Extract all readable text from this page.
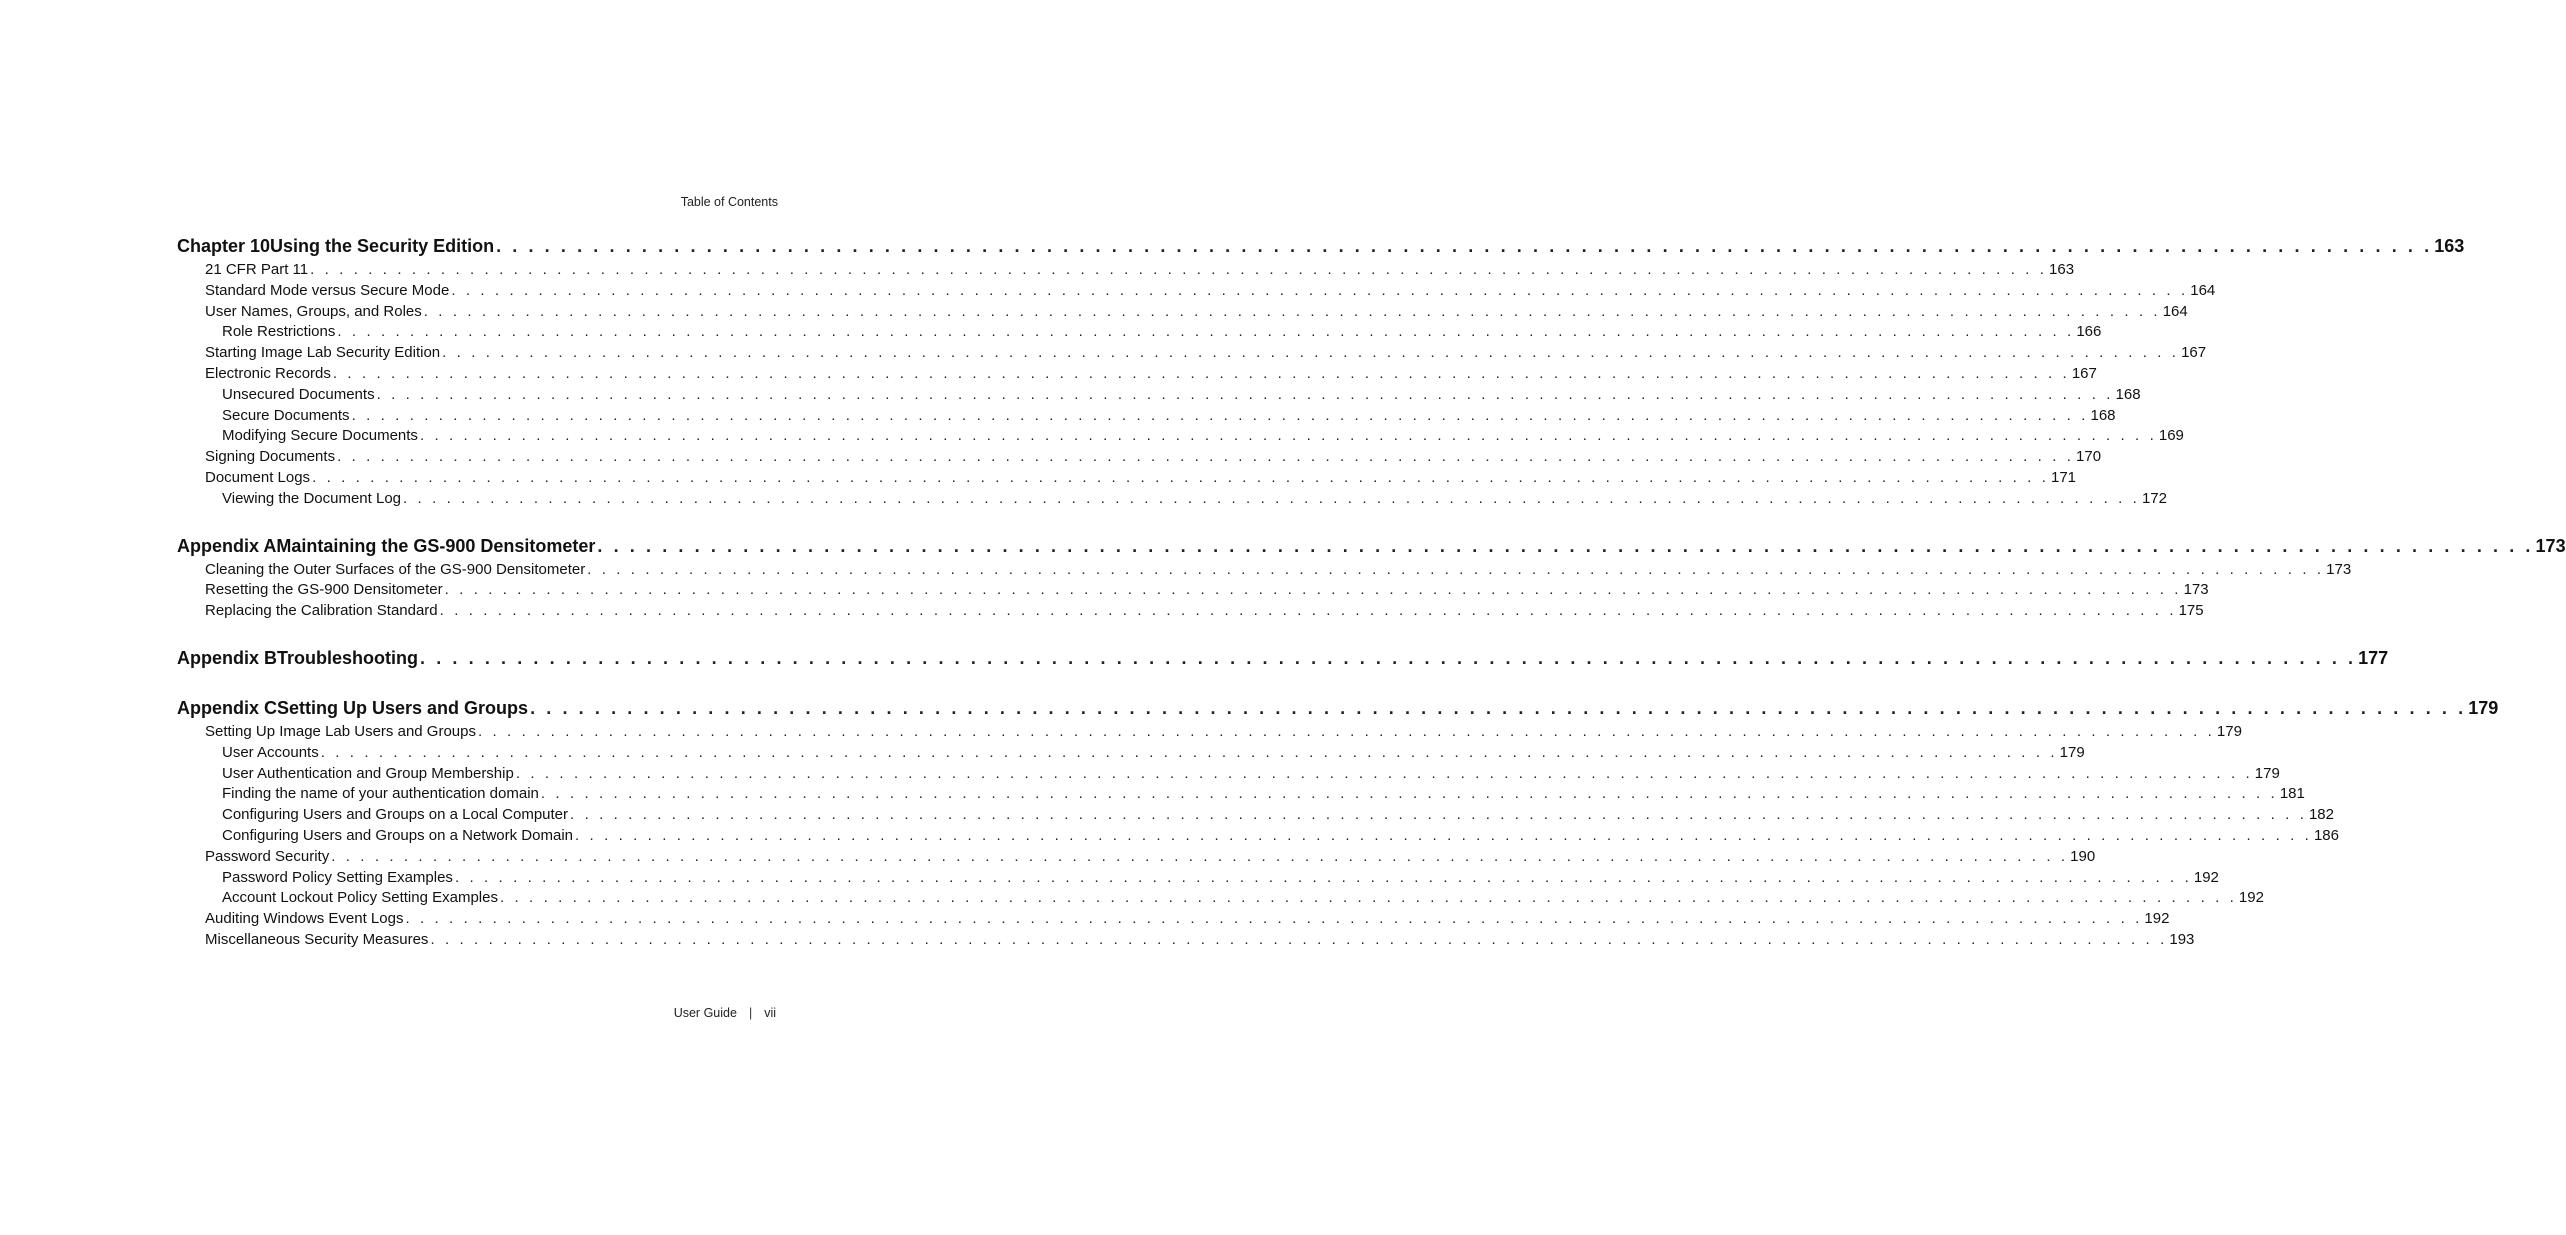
Table of Contents
Chapter 10 Using the Security Edition . . . . . . . . . . . . . . . . . . . . . . . . . . . . . . . . . . . . . . . . . . . . . . . . . . . . . . . . . . . . . . . . . . . . . . . . . . . . . . . . . . . . . . . . . . . . . . . . . . . . . . . . . . . . . . . . . . . . . . . . 163
21 CFR Part 11 . . . . . . . . . . . . . . . . . . . . . . . . . . . . . . . . . . . . . . . . . . . . . . . . . . . . . . . . . . . . . . . . . . . . . . . . . . . . . . . . . . . . . . . . . . . . . . . . . . . . . . . . . . . . . . . . . . . . . . . . 163
Standard Mode versus Secure Mode . . . . . . . . . . . . . . . . . . . . . . . . . . . . . . . . . . . . . . . . . . . . . . . . . . . . . . . . . . . . . . . . . . . . . . . . . . . . . . . . . . . . . . . . . . . . . . . . . . . . . . . . . . . . . . . . . . . . . . . . 164
User Names, Groups, and Roles . . . . . . . . . . . . . . . . . . . . . . . . . . . . . . . . . . . . . . . . . . . . . . . . . . . . . . . . . . . . . . . . . . . . . . . . . . . . . . . . . . . . . . . . . . . . . . . . . . . . . . . . . . . . . . . . . . . . . . . . 164
Role Restrictions . . . . . . . . . . . . . . . . . . . . . . . . . . . . . . . . . . . . . . . . . . . . . . . . . . . . . . . . . . . . . . . . . . . . . . . . . . . . . . . . . . . . . . . . . . . . . . . . . . . . . . . . . . . . . . . . . . . . . . . . 166
Starting Image Lab Security Edition . . . . . . . . . . . . . . . . . . . . . . . . . . . . . . . . . . . . . . . . . . . . . . . . . . . . . . . . . . . . . . . . . . . . . . . . . . . . . . . . . . . . . . . . . . . . . . . . . . . . . . . . . . . . . . . . . . . . . . . . 167
Electronic Records . . . . . . . . . . . . . . . . . . . . . . . . . . . . . . . . . . . . . . . . . . . . . . . . . . . . . . . . . . . . . . . . . . . . . . . . . . . . . . . . . . . . . . . . . . . . . . . . . . . . . . . . . . . . . . . . . . . . . . . . 167
Unsecured Documents . . . . . . . . . . . . . . . . . . . . . . . . . . . . . . . . . . . . . . . . . . . . . . . . . . . . . . . . . . . . . . . . . . . . . . . . . . . . . . . . . . . . . . . . . . . . . . . . . . . . . . . . . . . . . . . . . . . . . . . . 168
Secure Documents . . . . . . . . . . . . . . . . . . . . . . . . . . . . . . . . . . . . . . . . . . . . . . . . . . . . . . . . . . . . . . . . . . . . . . . . . . . . . . . . . . . . . . . . . . . . . . . . . . . . . . . . . . . . . . . . . . . . . . . . 168
Modifying Secure Documents . . . . . . . . . . . . . . . . . . . . . . . . . . . . . . . . . . . . . . . . . . . . . . . . . . . . . . . . . . . . . . . . . . . . . . . . . . . . . . . . . . . . . . . . . . . . . . . . . . . . . . . . . . . . . . . . . . . . . . . . 169
Signing Documents . . . . . . . . . . . . . . . . . . . . . . . . . . . . . . . . . . . . . . . . . . . . . . . . . . . . . . . . . . . . . . . . . . . . . . . . . . . . . . . . . . . . . . . . . . . . . . . . . . . . . . . . . . . . . . . . . . . . . . . . 170
Document Logs . . . . . . . . . . . . . . . . . . . . . . . . . . . . . . . . . . . . . . . . . . . . . . . . . . . . . . . . . . . . . . . . . . . . . . . . . . . . . . . . . . . . . . . . . . . . . . . . . . . . . . . . . . . . . . . . . . . . . . . . 171
Viewing the Document Log . . . . . . . . . . . . . . . . . . . . . . . . . . . . . . . . . . . . . . . . . . . . . . . . . . . . . . . . . . . . . . . . . . . . . . . . . . . . . . . . . . . . . . . . . . . . . . . . . . . . . . . . . . . . . . . . . . . . . . . . 172
Appendix A Maintaining the GS-900 Densitometer . . . . . . . . . . . . . . . . . . . . . . . . . . . . . . . . . . . . . . . . . . . . . . . . . . . . . . . . . . . . . . . . . . . . . . . . . . . . . . . . . . . . . . . . . . . . . . . . . . . . . . . . . . . . . . . . . . . . . . . . 173
Cleaning the Outer Surfaces of the GS-900 Densitometer . . . . . . . . . . . . . . . . . . . . . . . . . . . . . . . . . . . . . . . . . . . . . . . . . . . . . . . . . . . . . . . . . . . . . . . . . . . . . . . . . . . . . . . . . . . . . . . . . . . . . . . . . . . . . . . . . . . . . . . . 173
Resetting the GS-900 Densitometer . . . . . . . . . . . . . . . . . . . . . . . . . . . . . . . . . . . . . . . . . . . . . . . . . . . . . . . . . . . . . . . . . . . . . . . . . . . . . . . . . . . . . . . . . . . . . . . . . . . . . . . . . . . . . . . . . . . . . . . . 173
Replacing the Calibration Standard . . . . . . . . . . . . . . . . . . . . . . . . . . . . . . . . . . . . . . . . . . . . . . . . . . . . . . . . . . . . . . . . . . . . . . . . . . . . . . . . . . . . . . . . . . . . . . . . . . . . . . . . . . . . . . . . . . . . . . . . 175
Appendix B Troubleshooting . . . . . . . . . . . . . . . . . . . . . . . . . . . . . . . . . . . . . . . . . . . . . . . . . . . . . . . . . . . . . . . . . . . . . . . . . . . . . . . . . . . . . . . . . . . . . . . . . . . . . . . . . . . . . . . . . . . . . . . . 177
Appendix C Setting Up Users and Groups . . . . . . . . . . . . . . . . . . . . . . . . . . . . . . . . . . . . . . . . . . . . . . . . . . . . . . . . . . . . . . . . . . . . . . . . . . . . . . . . . . . . . . . . . . . . . . . . . . . . . . . . . . . . . . . . . . . . . . . . 179
Setting Up Image Lab Users and Groups . . . . . . . . . . . . . . . . . . . . . . . . . . . . . . . . . . . . . . . . . . . . . . . . . . . . . . . . . . . . . . . . . . . . . . . . . . . . . . . . . . . . . . . . . . . . . . . . . . . . . . . . . . . . . . . . . . . . . . . . 179
User Accounts . . . . . . . . . . . . . . . . . . . . . . . . . . . . . . . . . . . . . . . . . . . . . . . . . . . . . . . . . . . . . . . . . . . . . . . . . . . . . . . . . . . . . . . . . . . . . . . . . . . . . . . . . . . . . . . . . . . . . . . . 179
User Authentication and Group Membership . . . . . . . . . . . . . . . . . . . . . . . . . . . . . . . . . . . . . . . . . . . . . . . . . . . . . . . . . . . . . . . . . . . . . . . . . . . . . . . . . . . . . . . . . . . . . . . . . . . . . . . . . . . . . . . . . . . . . . . . 179
Finding the name of your authentication domain . . . . . . . . . . . . . . . . . . . . . . . . . . . . . . . . . . . . . . . . . . . . . . . . . . . . . . . . . . . . . . . . . . . . . . . . . . . . . . . . . . . . . . . . . . . . . . . . . . . . . . . . . . . . . . . . . . . . . . . . 181
Configuring Users and Groups on a Local Computer . . . . . . . . . . . . . . . . . . . . . . . . . . . . . . . . . . . . . . . . . . . . . . . . . . . . . . . . . . . . . . . . . . . . . . . . . . . . . . . . . . . . . . . . . . . . . . . . . . . . . . . . . . . . . . . . . . . . . . . . 182
Configuring Users and Groups on a Network Domain . . . . . . . . . . . . . . . . . . . . . . . . . . . . . . . . . . . . . . . . . . . . . . . . . . . . . . . . . . . . . . . . . . . . . . . . . . . . . . . . . . . . . . . . . . . . . . . . . . . . . . . . . . . . . . . . . . . . . . . . 186
Password Security . . . . . . . . . . . . . . . . . . . . . . . . . . . . . . . . . . . . . . . . . . . . . . . . . . . . . . . . . . . . . . . . . . . . . . . . . . . . . . . . . . . . . . . . . . . . . . . . . . . . . . . . . . . . . . . . . . . . . . . . 190
Password Policy Setting Examples . . . . . . . . . . . . . . . . . . . . . . . . . . . . . . . . . . . . . . . . . . . . . . . . . . . . . . . . . . . . . . . . . . . . . . . . . . . . . . . . . . . . . . . . . . . . . . . . . . . . . . . . . . . . . . . . . . . . . . . . 192
Account Lockout Policy Setting Examples . . . . . . . . . . . . . . . . . . . . . . . . . . . . . . . . . . . . . . . . . . . . . . . . . . . . . . . . . . . . . . . . . . . . . . . . . . . . . . . . . . . . . . . . . . . . . . . . . . . . . . . . . . . . . . . . . . . . . . . . 192
Auditing Windows Event Logs . . . . . . . . . . . . . . . . . . . . . . . . . . . . . . . . . . . . . . . . . . . . . . . . . . . . . . . . . . . . . . . . . . . . . . . . . . . . . . . . . . . . . . . . . . . . . . . . . . . . . . . . . . . . . . . . . . . . . . . . 192
Miscellaneous Security Measures . . . . . . . . . . . . . . . . . . . . . . . . . . . . . . . . . . . . . . . . . . . . . . . . . . . . . . . . . . . . . . . . . . . . . . . . . . . . . . . . . . . . . . . . . . . . . . . . . . . . . . . . . . . . . . . . . . . . . . . . 193
User Guide | vii
